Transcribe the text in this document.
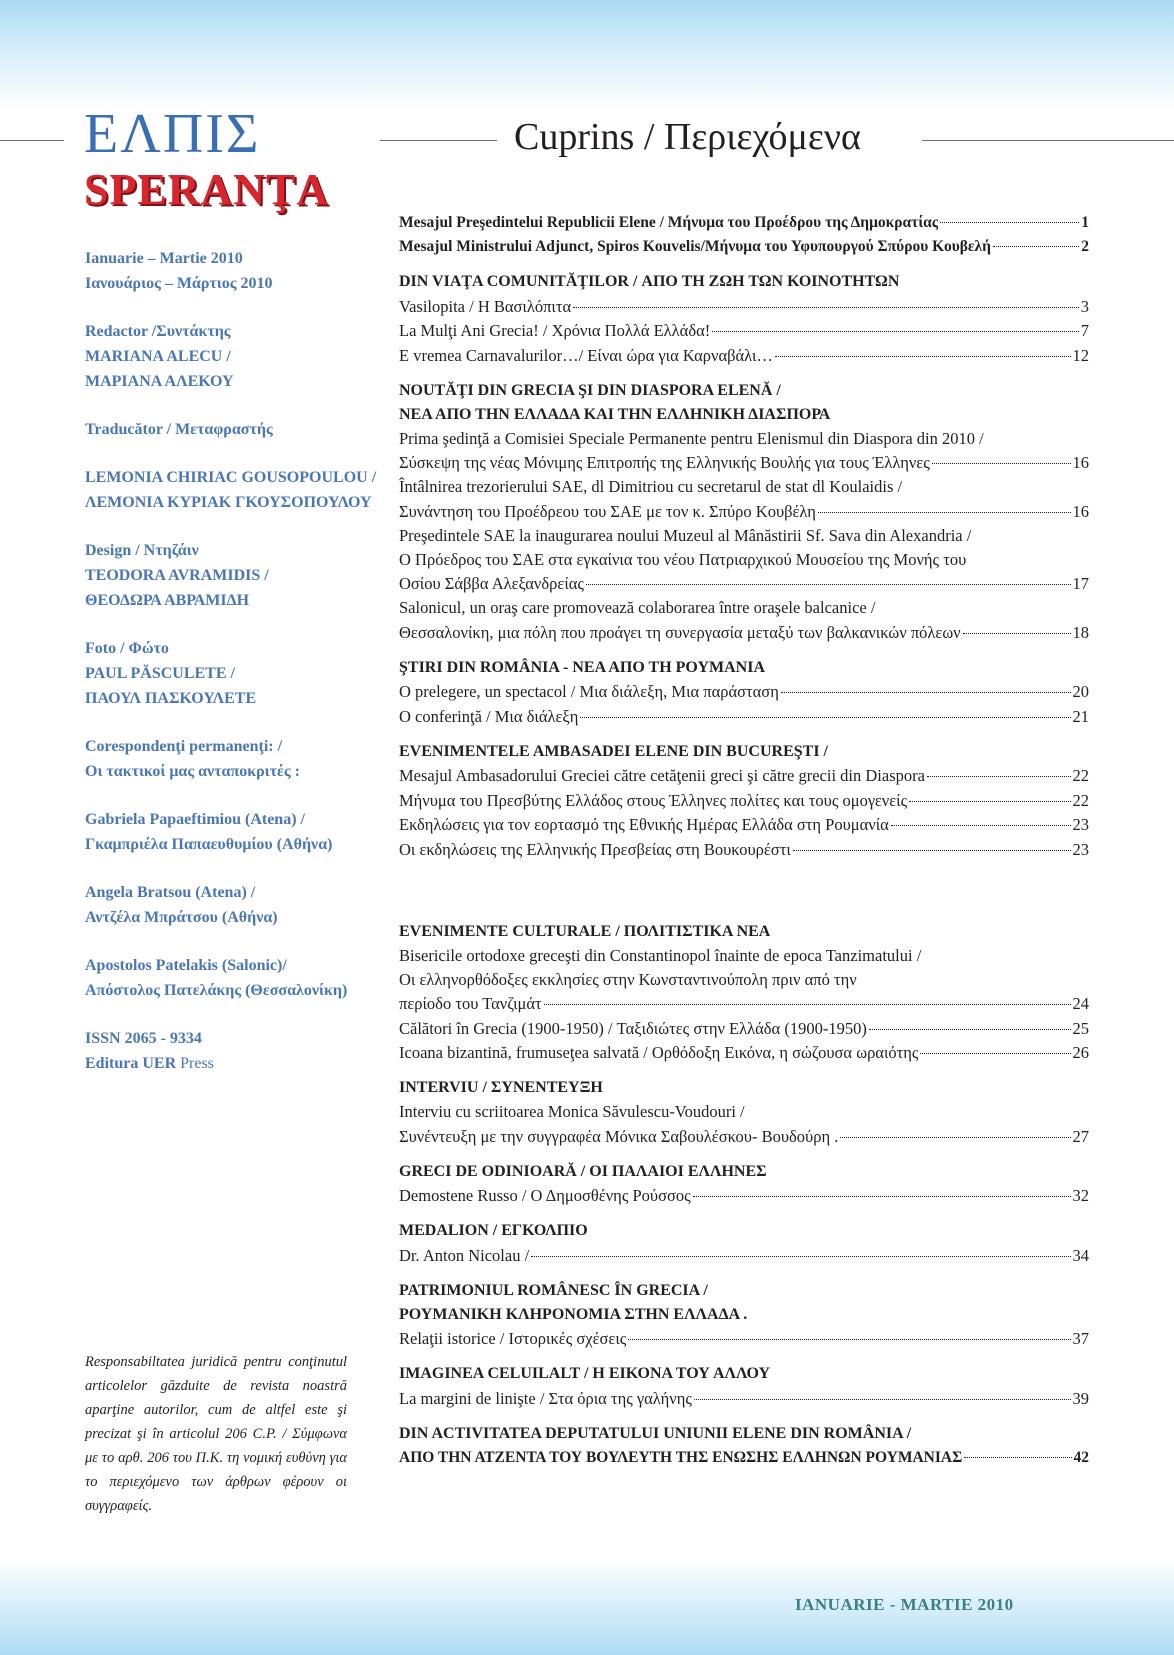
ΕΛΠΙΣ
SPERANŢA
Cuprins / Περιεχόμενα
Ianuarie – Martie 2010
Ιανουάριος – Μάρτιος 2010
Redactor /Συντάκτης
MARIANA ALECU /
ΜΑΡΙΑΝΑ ΑΛΕΚΟΥ
Traducător / Μεταφραστής
LEMONIA CHIRIAC GOUSOPOULOU /
ΛΕΜΟΝΙΑ ΚΥΡΙΑΚ ΓΚΟΥΣΟΠΟΥΛΟΥ
Design / Ντηζάιν
TEODORA AVRAMIDIS /
ΘΕΟΔΩΡΑ ΑΒΡΑΜΙΔΗ
Foto / Φώτο
PAUL PĂSCULETE /
ΠΑΟΥΛ ΠΑΣΚΟΥΛΕΤΕ
Corespondenţi permanenţi: /
Οι τακτικοί μας ανταποκριτές :
Gabriela Papaeftimiou (Atena) /
Γκαμπριέλα Παπαευθυμίου (Αθήνα)
Angela Bratsou (Atena) /
Αντζέλα Μπράτσου (Αθήνα)
Apostolos Patelakis (Salonic)/
Απόστολος Πατελάκης (Θεσσαλονίκη)
ISSN 2065 - 9334
Editura UER Press
Responsabiltatea juridică pentru conţinutul articolelor găzduite de revista noastră aparţine autorilor, cum de altfel este şi precizat şi în articolul 206 C.P. / Σύμφωνα με το αρθ. 206 του Π.Κ. τη νομική ευθύνη για το περιεχόμενο των άρθρων φέρουν οι συγγραφείς.
Mesajul Preşedintelui Republicii Elene / Μήνυμα του Προέδρου της Δημοκρατίας	1
Mesajul Ministrului Adjunct, Spiros Kouvelis/Μήνυμα του Υφυπουργού Σπύρου Κουβελή	2
DIN VIAŢA COMUNITĂŢILOR / ΑΠΟ ΤΗ ΖΩΗ ΤΩΝ ΚΟΙΝΟΤΗΤΩΝ
Vasilopita / Η Βασιλόπιτα	3
La Mulţi Ani Grecia! / Χρόνια Πολλά Ελλάδα!	7
E vremea Carnavalurilor…/ Είναι ώρα για Καρναβάλι…	12
NOUTĂŢI DIN GRECIA ŞI DIN DIASPORA ELENĂ /
ΝΕΑ ΑΠΟ ΤΗΝ ΕΛΛΑΔΑ ΚΑΙ ΤΗΝ ΕΛΛΗΝΙΚΗ ΔΙΑΣΠΟΡΑ
Prima şedinţă a Comisiei Speciale Permanente pentru Elenismul din Diaspora din 2010 /
Σύσκεψη της νέας Μόνιμης Επιτροπής της Ελληνικής Βουλής για τους Έλληνες	16
Întâlnirea trezorierului SAE, dl Dimitriou cu secretarul de stat dl Koulaidis /
Συνάντηση του Προέδρεου του ΣΑΕ με τον κ. Σπύρο Κουβέλη	16
Preşedintele SAE la inaugurarea noului Muzeul al Mânăstirii Sf. Sava din Alexandria /
Ο Πρόεδρος του ΣΑΕ στα εγκαίνια του νέου Πατριαρχικού Μουσείου της Μονής του
Οσίου Σάββα Αλεξανδρείας	17
Salonicul, un oraş care promovează colaborarea între oraşele balcanice /
Θεσσαλονίκη, μια πόλη που προάγει τη συνεργασία μεταξύ των βαλκανικών πόλεων	18
ŞTIRI DIN ROMÂNIA - ΝΕΑ ΑΠΟ ΤΗ ΡΟΥΜΑΝΙΑ
O prelegere, un spectacol / Μια διάλεξη, Μια παράσταση	20
O conferinţă / Μια διάλεξη	21
EVENIMENTELE AMBASADEI ELENE DIN BUCUREŞTI /
Mesajul Ambasadorului Greciei către cetăţenii greci şi către grecii din Diaspora	22
Μήνυμα του Πρεσβύτης Ελλάδος στους Έλληνες πολίτες και τους ομογενείς	22
Εκδηλώσεις για τον εορτασμό της Εθνικής Ημέρας Ελλάδα στη Ρουμανία	23
Οι εκδηλώσεις της Ελληνικής Πρεσβείας στη Βουκουρέστι	23
EVENIMENTE CULTURALE / ΠΟΛΙΤΙΣΤΙΚΑ ΝΕΑ
Bisericile ortodoxe greceşti din Constantinopol înainte de epoca Tanzimatului /
Οι ελληνορθόδοξες εκκλησίες στην Κωνσταντινούπολη πριν από την
περίοδο του Τανζιμάτ	24
Călători în Grecia (1900-1950) / Ταξιδιώτες στην Ελλάδα (1900-1950)	25
Icoana bizantină, frumuseţea salvată / Ορθόδοξη Εικόνα, η σώζουσα ωραιότης	26
INTERVIU / ΣΥΝΕΝΤΕΥΞΗ
Interviu cu scriitoarea Monica Săvulescu-Voudouri /
Συνέντευξη με την συγγραφέα Μόνικα Σαβουλέσκου- Βουδούρη .	27
GRECI DE ODINIOARĂ / ΟΙ ΠΑΛΑΙΟΙ ΕΛΛΗΝΕΣ
Demostene Russo / Ο Δημοσθένης Ρούσσος	32
MEDALION / ΕΓΚΟΛΠΙΟ
Dr. Anton Nicolau /	34
PATRIMONIUL ROMÂNESC ÎN GRECIA /
ΡΟΥΜΑΝΙΚΗ ΚΛΗΡΟΝΟΜΙΑ ΣΤΗΝ ΕΛΛΑΔΑ .
Relaţii istorice / Ιστορικές σχέσεις	37
IMAGINEA CELUILALT / Η ΕΙΚΟΝΑ ΤΟΥ ΑΛΛΟΥ
La margini de linişte / Στα όρια της γαλήνης	39
DIN ACTIVITATEA DEPUTATULUI UNIUNII ELENE DIN ROMÂNIA /
ΑΠΟ ΤΗΝ ΑΤΖΕΝΤΑ ΤΟΥ ΒΟΥΛΕΥΤΗ ΤΗΣ ΕΝΩΣΗΣ ΕΛΛΗΝΩΝ ΡΟΥΜΑΝΙΑΣ	42
IANUARIE - MARTIE 2010
